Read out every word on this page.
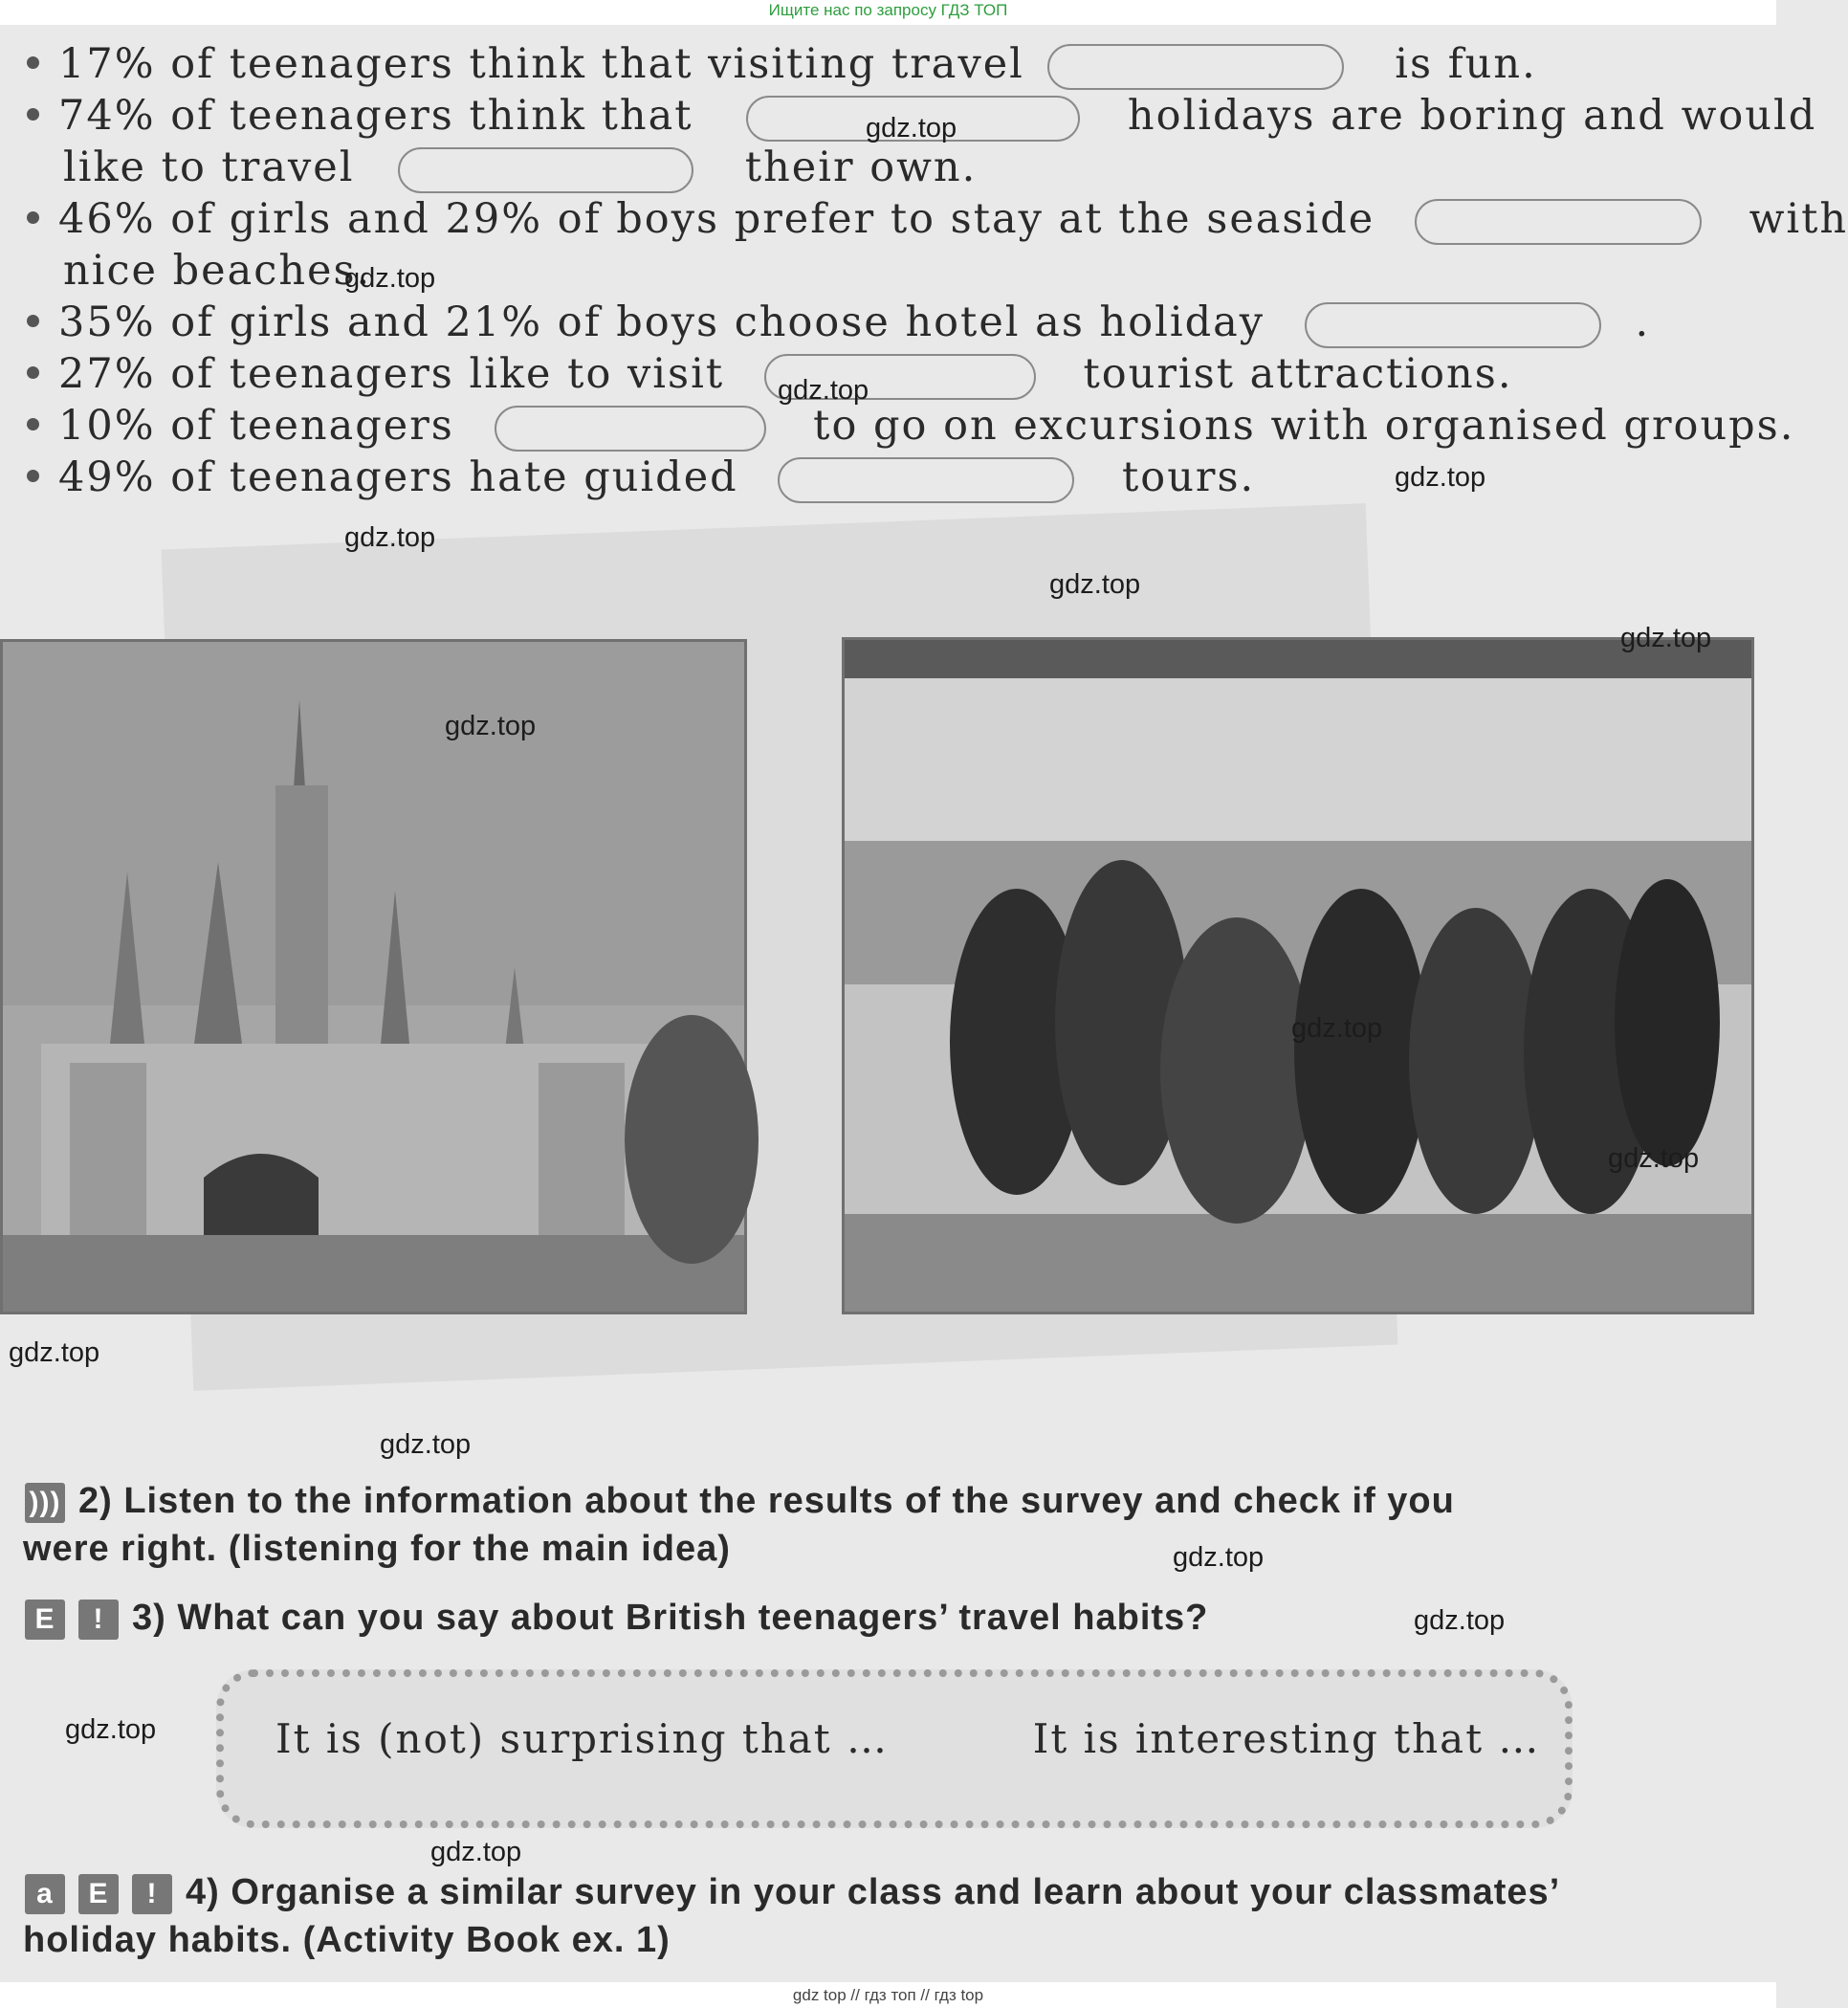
Ищите нас по запросу ГДЗ ТОП
17% of teenagers think that visiting travel	is fun.
74% of teenagers think that	holidays are boring and would
like to travel	their own.
46% of girls and 29% of boys prefer to stay at the seaside	with
nice beaches.
35% of girls and 21% of boys choose hotel as holiday	.
27% of teenagers like to visit	tourist attractions.
10% of teenagers	to go on excursions with organised groups.
49% of teenagers hate guided	tours.
))) 2) Listen to the information about the results of the survey and check if you
were right. (listening for the main idea)
E ! 3) What can you say about British teenagers’ travel habits?
It is (not) surprising that …	It is interesting that …
a E ! 4) Organise a similar survey in your class and learn about your classmates’
holiday habits. (Activity Book ex. 1)
gdz.top
gdz.top
gdz.top
gdz.top
gdz.top
gdz.top
gdz.top
gdz.top
gdz.top
gdz.top
gdz.top
gdz.top
gdz.top
gdz.top
gdz.top
gdz.top
gdz top // гдз топ // гдз top
